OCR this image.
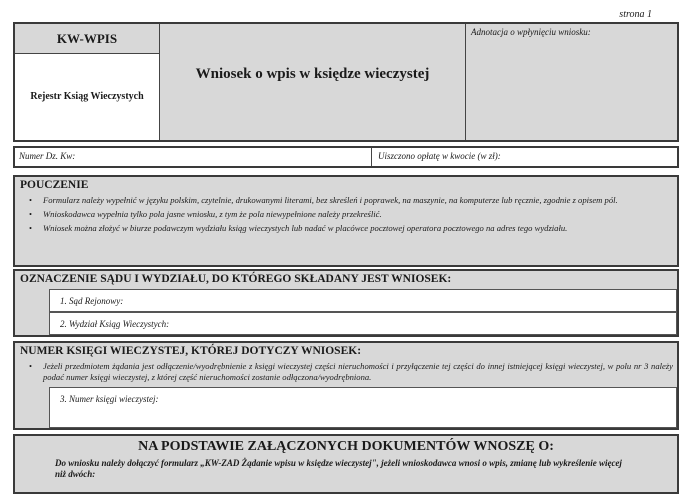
strona 1
KW-WPIS
Rejestr Ksiąg Wieczystych
Wniosek o wpis w księdze wieczystej
Adnotacja o wpłynięciu wniosku:
Numer Dz. Kw:	Uiszczono opłatę w kwocie (w zł):
POUCZENIE
• Formularz należy wypełnić w języku polskim, czytelnie, drukowanymi literami, bez skreśleń i poprawek, na maszynie, na komputerze lub ręcznie, zgodnie z opisem pól.
• Wnioskodawca wypełnia tylko pola jasne wniosku, z tym że pola niewypełnione należy przekreślić.
• Wniosek można złożyć w biurze podawczym wydziału ksiąg wieczystych lub nadać w placówce pocztowej operatora pocztowego na adres tego wydziału.
OZNACZENIE SĄDU I WYDZIAŁU, DO KTÓREGO SKŁADANY JEST WNIOSEK:
1. Sąd Rejonowy:
2. Wydział Ksiąg Wieczystych:
NUMER KSIĘGI WIECZYSTEJ, KTÓREJ DOTYCZY WNIOSEK:
• Jeżeli przedmiotem żądania jest odłączenie/wyodrębnienie z księgi wieczystej części nieruchomości i przyłączenie tej części do innej istniejącej księgi wieczystej, w polu nr 3 należy podać numer księgi wieczystej, z której część nieruchomości zostanie odłączona/wyodrębniona.
3. Numer księgi wieczystej:
NA PODSTAWIE ZAŁĄCZONYCH DOKUMENTÓW WNOSZĘ O:
Do wniosku należy dołączyć formularz „KW-ZAD Żądanie wpisu w księdze wieczystej", jeżeli wnioskodawca wnosi o wpis, zmianę lub wykreślenie więcej niż dwóch:
